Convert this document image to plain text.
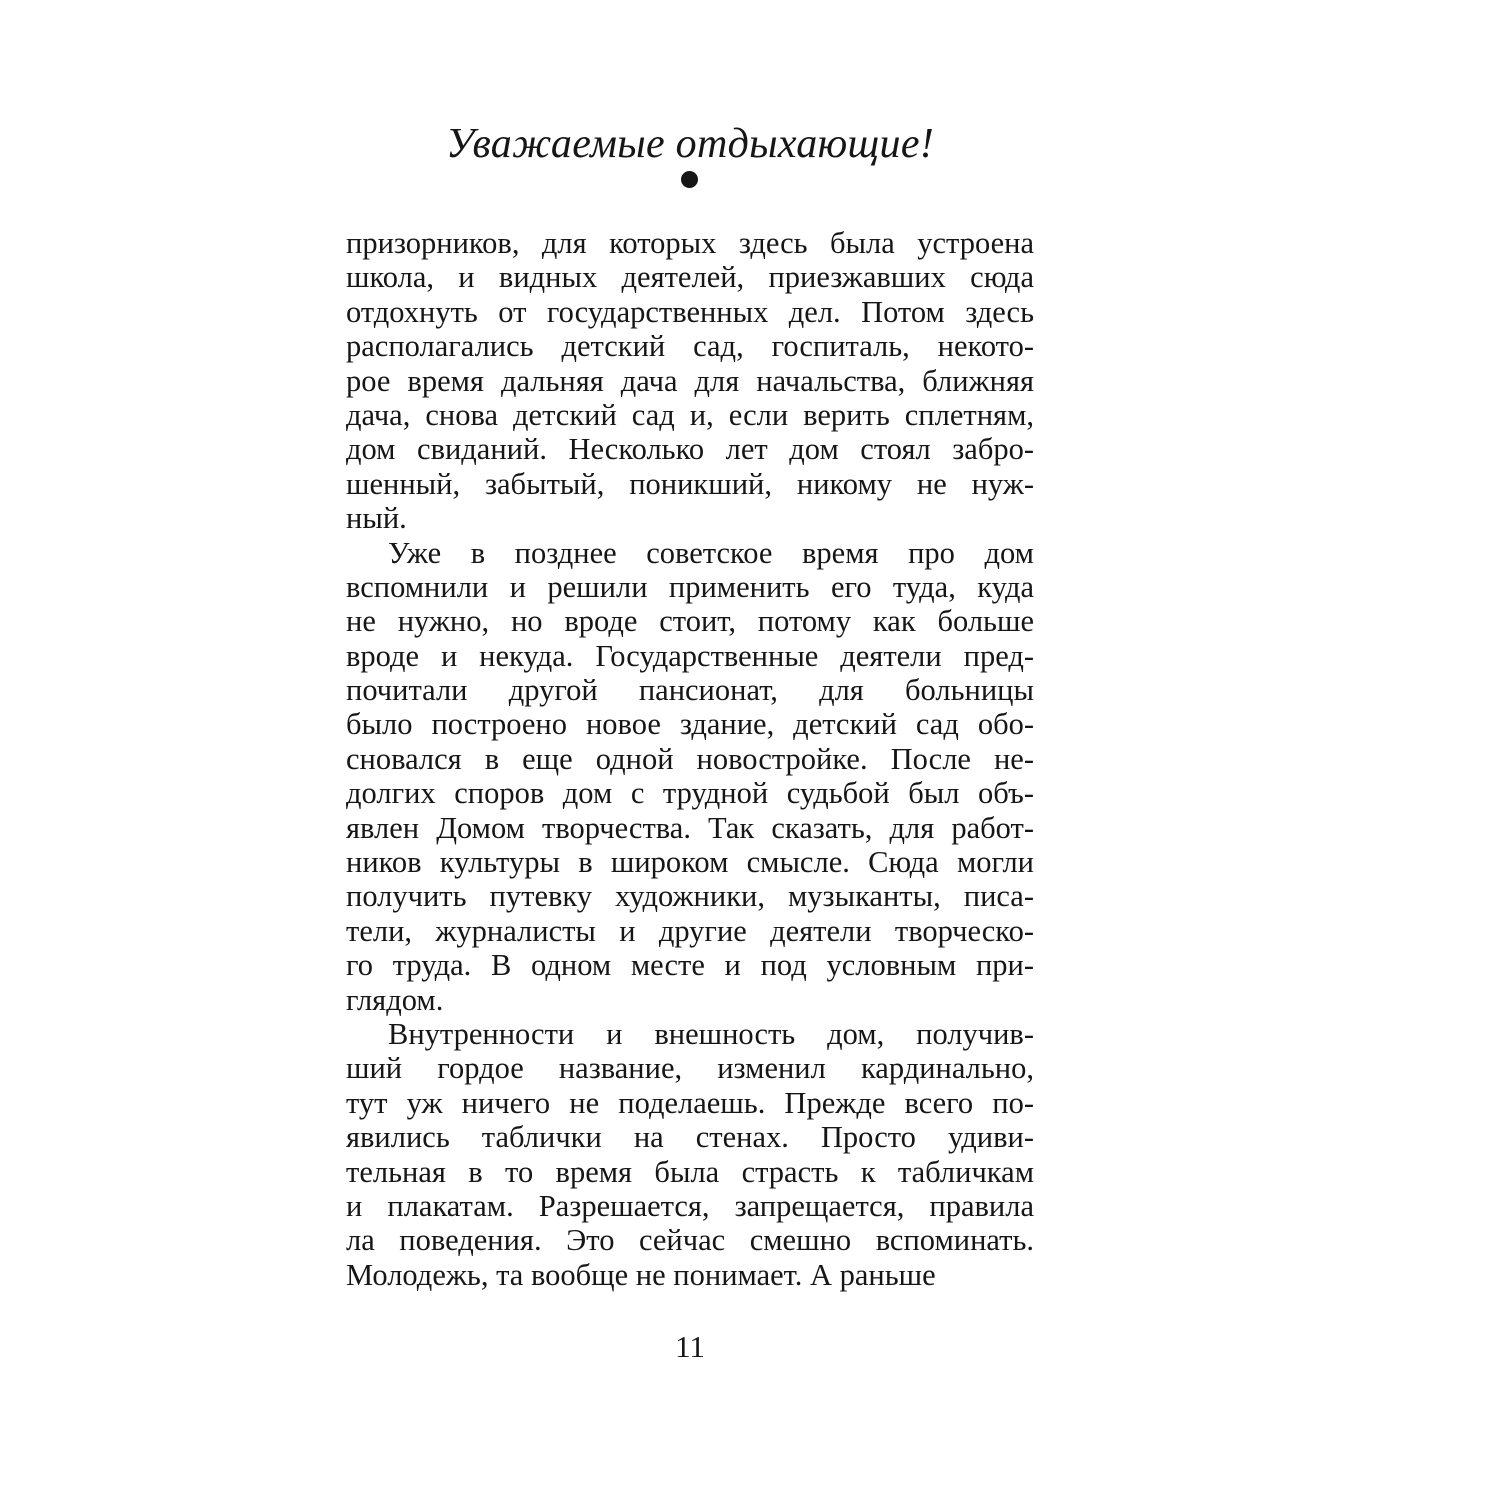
Уважаемые отдыхающие!
призорников, для которых здесь была устроена
школа, и видных деятелей, приезжавших сюда
отдохнуть от государственных дел. Потом здесь
располагались детский сад, госпиталь, некото-
рое время дальняя дача для начальства, ближняя
дача, снова детский сад и, если верить сплетням,
дом свиданий. Несколько лет дом стоял забро-
шенный, забытый, поникший, никому не нуж-
ный.
Уже в позднее советское время про дом
вспомнили и решили применить его туда, куда
не нужно, но вроде стоит, потому как больше
вроде и некуда. Государственные деятели пред-
почитали другой пансионат, для больницы
было построено новое здание, детский сад обо-
сновался в еще одной новостройке. После не-
долгих споров дом с трудной судьбой был объ-
явлен Домом творчества. Так сказать, для работ-
ников культуры в широком смысле. Сюда могли
получить путевку художники, музыканты, писа-
тели, журналисты и другие деятели творческо-
го труда. В одном месте и под условным при-
глядом.
Внутренности и внешность дом, получив-
ший гордое название, изменил кардинально,
тут уж ничего не поделаешь. Прежде всего по-
явились таблички на стенах. Просто удиви-
тельная в то время была страсть к табличкам
и плакатам. Разрешается, запрещается, правила
ла поведения. Это сейчас смешно вспоминать.
Молодежь, та вообще не понимает. А раньше
11
